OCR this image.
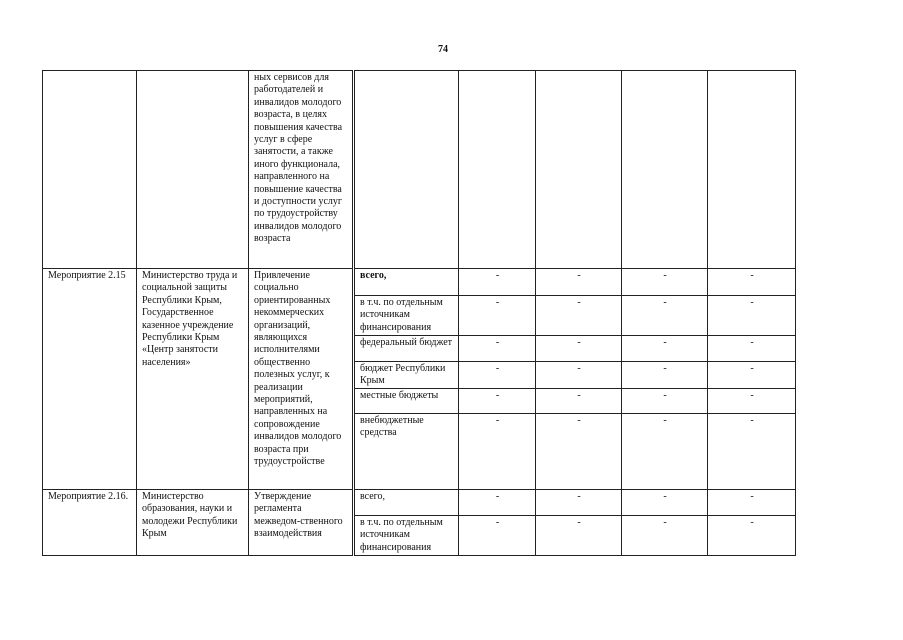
74
		ных сервисов для работодателей и инвалидов молодого возраста, в целях повышения качества услуг в сфере занятости, а также иного функционала, направленного на повышение качества и доступности услуг по трудоустройству инвалидов молодого возраста						
Мероприятие 2.15	Министерство труда и социальной защиты Республики Крым, Государственное казенное учреждение Республики Крым «Центр занятости населения»	Привлечение социально ориентированных некоммерческих организаций, являющихся исполнителями общественно полезных услуг, к реализации мероприятий, направленных на сопровождение инвалидов молодого возраста при трудоустройстве		всего,	-	-	-	-
				в т.ч. по отдельным источникам финансирования	-	-	-	-
				федеральный бюджет	-	-	-	-
				бюджет Республики Крым	-	-	-	-
				местные бюджеты	-	-	-	-
				внебюджетные средства	-	-	-	-
Мероприятие 2.16.	Министерство образования, науки и молодежи Республики Крым	Утверждение регламента межведом-ственного взаимодействия		всего,	-	-	-	-
				в т.ч. по отдельным источникам финансирования	-	-	-	-
